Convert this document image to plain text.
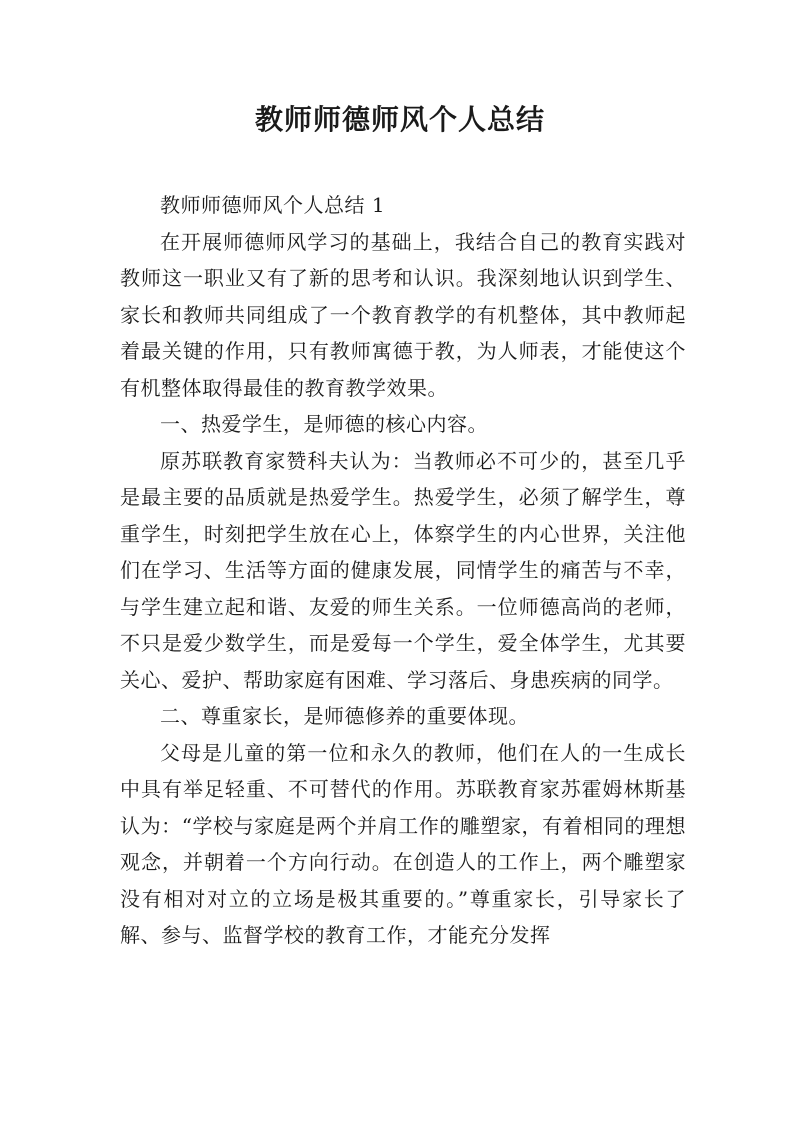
教师师德师风个人总结

教师师德师风个人总结 1

在开展师德师风学习的基础上，我结合自己的教育实践对教师这一职业又有了新的思考和认识。我深刻地认识到学生、家长和教师共同组成了一个教育教学的有机整体，其中教师起着最关键的作用，只有教师寓德于教，为人师表，才能使这个有机整体取得最佳的教育教学效果。

一、热爱学生，是师德的核心内容。

原苏联教育家赞科夫认为：当教师必不可少的，甚至几乎是最主要的品质就是热爱学生。热爱学生，必须了解学生，尊重学生，时刻把学生放在心上，体察学生的内心世界，关注他们在学习、生活等方面的健康发展，同情学生的痛苦与不幸，与学生建立起和谐、友爱的师生关系。一位师德高尚的老师，不只是爱少数学生，而是爱每一个学生，爱全体学生，尤其要关心、爱护、帮助家庭有困难、学习落后、身患疾病的同学。

二、尊重家长，是师德修养的重要体现。

父母是儿童的第一位和永久的教师，他们在人的一生成长中具有举足轻重、不可替代的作用。苏联教育家苏霍姆林斯基认为：“学校与家庭是两个并肩工作的雕塑家，有着相同的理想观念，并朝着一个方向行动。在创造人的工作上，两个雕塑家没有相对对立的立场是极其重要的。”尊重家长，引导家长了解、参与、监督学校的教育工作，才能充分发挥
